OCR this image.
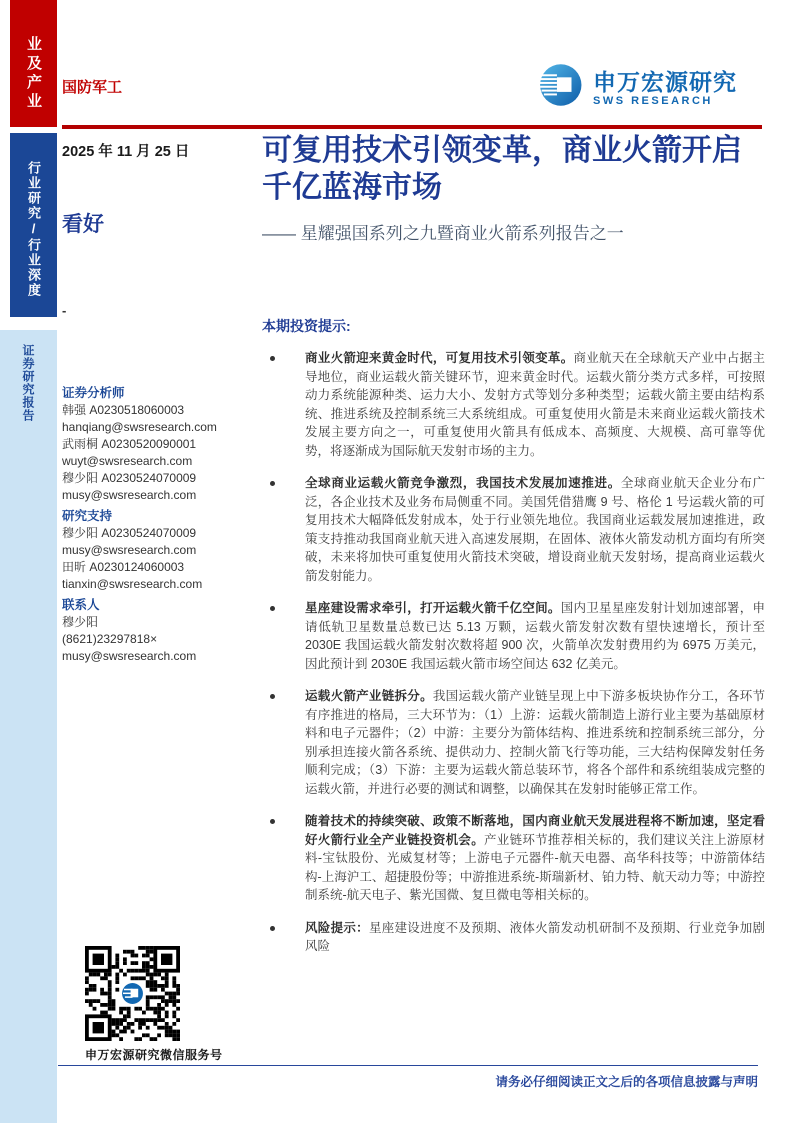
业及产业
行业研究/行业深度
证券研究报告
-
国防军工	申万宏源研究
SWS RESEARCH
2025 年 11 月 25 日
看好
可复用技术引领变革，商业火箭开启千亿蓝海市场
—— 星耀强国系列之九暨商业火箭系列报告之一
证券分析师
韩强 A0230518060003
hanqiang@swsresearch.com
武雨桐 A0230520090001
wuyt@swsresearch.com
穆少阳 A0230524070009
musy@swsresearch.com
研究支持
穆少阳 A0230524070009
musy@swsresearch.com
田昕 A0230124060003
tianxin@swsresearch.com
联系人
穆少阳
(8621)23297818×
musy@swsresearch.com
本期投资提示:
商业火箭迎来黄金时代，可复用技术引领变革。商业航天在全球航天产业中占据主导地位，商业运载火箭关键环节，迎来黄金时代。运载火箭分类方式多样，可按照动力系统能源种类、运力大小、发射方式等划分多种类型；运载火箭主要由结构系统、推进系统及控制系统三大系统组成。可重复使用火箭是未来商业运载火箭技术发展主要方向之一，可重复使用火箭具有低成本、高频度、大规模、高可靠等优势，将逐渐成为国际航天发射市场的主力。
全球商业运载火箭竞争激烈，我国技术发展加速推进。全球商业航天企业分布广泛，各企业技术及业务布局侧重不同。美国凭借猎鹰 9 号、格伦 1 号运载火箭的可复用技术大幅降低发射成本，处于行业领先地位。我国商业运载发展加速推进，政策支持推动我国商业航天进入高速发展期，在固体、液体火箭发动机方面均有所突破，未来将加快可重复使用火箭技术突破，增设商业航天发射场，提高商业运载火箭发射能力。
星座建设需求牵引，打开运载火箭千亿空间。国内卫星星座发射计划加速部署，申请低轨卫星数量总数已达 5.13 万颗，运载火箭发射次数有望快速增长，预计至 2030E 我国运载火箭发射次数将超 900 次，火箭单次发射费用约为 6975 万美元，因此预计到 2030E 我国运载火箭市场空间达 632 亿美元。
运载火箭产业链拆分。我国运载火箭产业链呈现上中下游多板块协作分工，各环节有序推进的格局，三大环节为：（1）上游：运载火箭制造上游行业主要为基础原材料和电子元器件；（2）中游：主要分为箭体结构、推进系统和控制系统三部分，分别承担连接火箭各系统、提供动力、控制火箭飞行等功能，三大结构保障发射任务顺利完成；（3）下游：主要为运载火箭总装环节，将各个部件和系统组装成完整的运载火箭，并进行必要的测试和调整，以确保其在发射时能够正常工作。
随着技术的持续突破、政策不断落地，国内商业航天发展进程将不断加速，坚定看好火箭行业全产业链投资机会。产业链环节推荐相关标的，我们建议关注上游原材料-宝钛股份、光威复材等；上游电子元器件-航天电器、高华科技等；中游箭体结构-上海沪工、超捷股份等；中游推进系统-斯瑞新材、铂力特、航天动力等；中游控制系统-航天电子、紫光国微、复旦微电等相关标的。
风险提示：星座建设进度不及预期、液体火箭发动机研制不及预期、行业竞争加剧风险
申万宏源研究微信服务号
请务必仔细阅读正文之后的各项信息披露与声明
